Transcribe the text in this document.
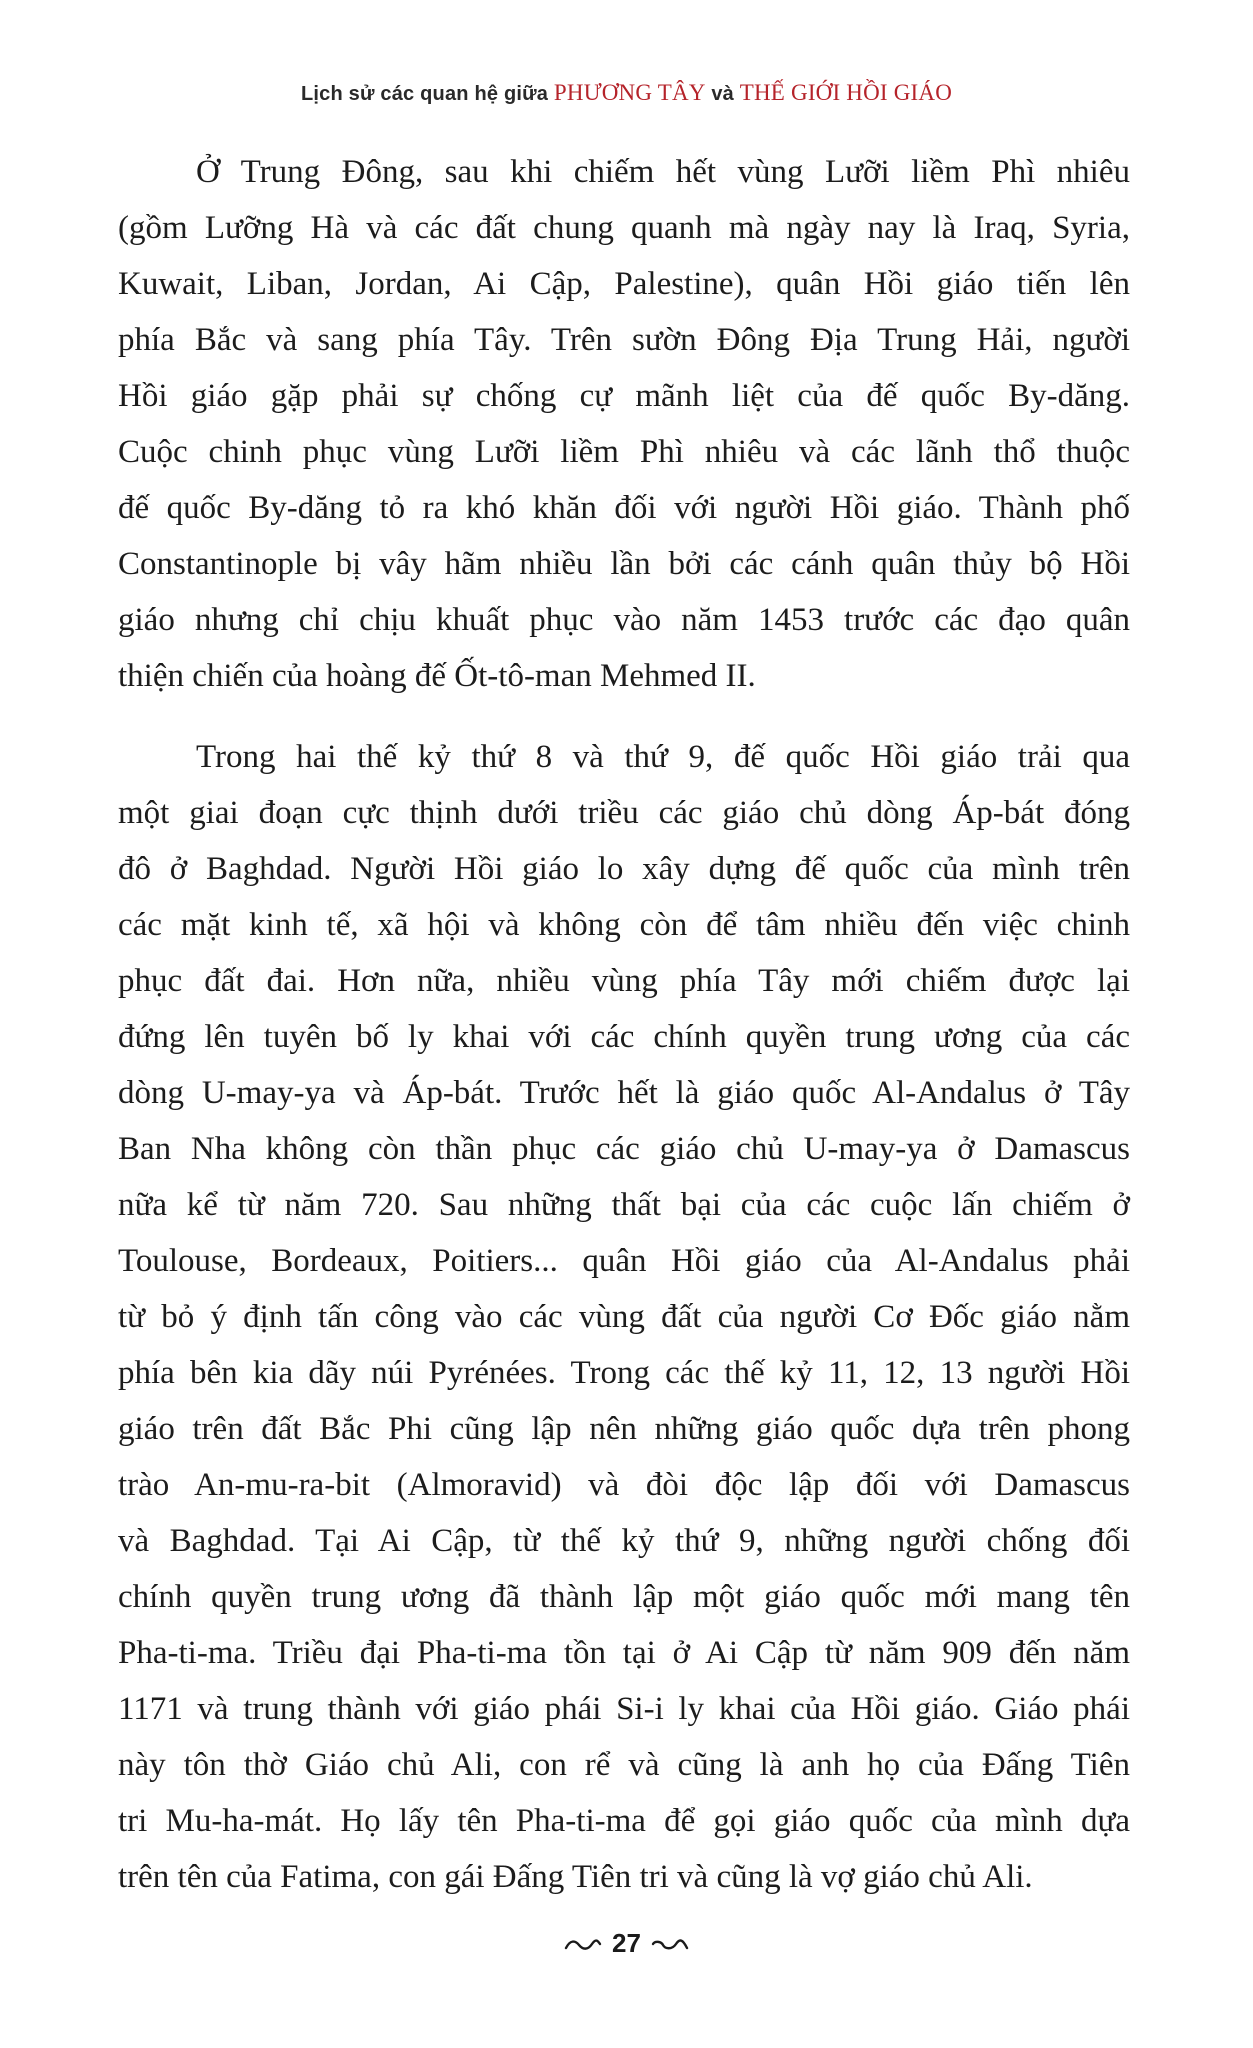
Lịch sử các quan hệ giữa PHƯƠNG TÂY và THẾ GIỚI HỒI GIÁO
Ở Trung Đông, sau khi chiếm hết vùng Lưỡi liềm Phì nhiêu
(gồm Lưỡng Hà và các đất chung quanh mà ngày nay là Iraq, Syria,
Kuwait, Liban, Jordan, Ai Cập, Palestine), quân Hồi giáo tiến lên
phía Bắc và sang phía Tây. Trên sườn Đông Địa Trung Hải, người
Hồi giáo gặp phải sự chống cự mãnh liệt của đế quốc By-dăng.
Cuộc chinh phục vùng Lưỡi liềm Phì nhiêu và các lãnh thổ thuộc
đế quốc By-dăng tỏ ra khó khăn đối với người Hồi giáo. Thành phố
Constantinople bị vây hãm nhiều lần bởi các cánh quân thủy bộ Hồi
giáo nhưng chỉ chịu khuất phục vào năm 1453 trước các đạo quân
thiện chiến của hoàng đế Ốt-tô-man Mehmed II.
Trong hai thế kỷ thứ 8 và thứ 9, đế quốc Hồi giáo trải qua
một giai đoạn cực thịnh dưới triều các giáo chủ dòng Áp-bát đóng
đô ở Baghdad. Người Hồi giáo lo xây dựng đế quốc của mình trên
các mặt kinh tế, xã hội và không còn để tâm nhiều đến việc chinh
phục đất đai. Hơn nữa, nhiều vùng phía Tây mới chiếm được lại
đứng lên tuyên bố ly khai với các chính quyền trung ương của các
dòng U-may-ya và Áp-bát. Trước hết là giáo quốc Al-Andalus ở Tây
Ban Nha không còn thần phục các giáo chủ U-may-ya ở Damascus
nữa kể từ năm 720. Sau những thất bại của các cuộc lấn chiếm ở
Toulouse, Bordeaux, Poitiers... quân Hồi giáo của Al-Andalus phải
từ bỏ ý định tấn công vào các vùng đất của người Cơ Đốc giáo nằm
phía bên kia dãy núi Pyrénées. Trong các thế kỷ 11, 12, 13 người Hồi
giáo trên đất Bắc Phi cũng lập nên những giáo quốc dựa trên phong
trào An-mu-ra-bit (Almoravid) và đòi độc lập đối với Damascus
và Baghdad. Tại Ai Cập, từ thế kỷ thứ 9, những người chống đối
chính quyền trung ương đã thành lập một giáo quốc mới mang tên
Pha-ti-ma. Triều đại Pha-ti-ma tồn tại ở Ai Cập từ năm 909 đến năm
1171 và trung thành với giáo phái Si-i ly khai của Hồi giáo. Giáo phái
này tôn thờ Giáo chủ Ali, con rể và cũng là anh họ của Đấng Tiên
tri Mu-ha-mát. Họ lấy tên Pha-ti-ma để gọi giáo quốc của mình dựa
trên tên của Fatima, con gái Đấng Tiên tri và cũng là vợ giáo chủ Ali.
27
